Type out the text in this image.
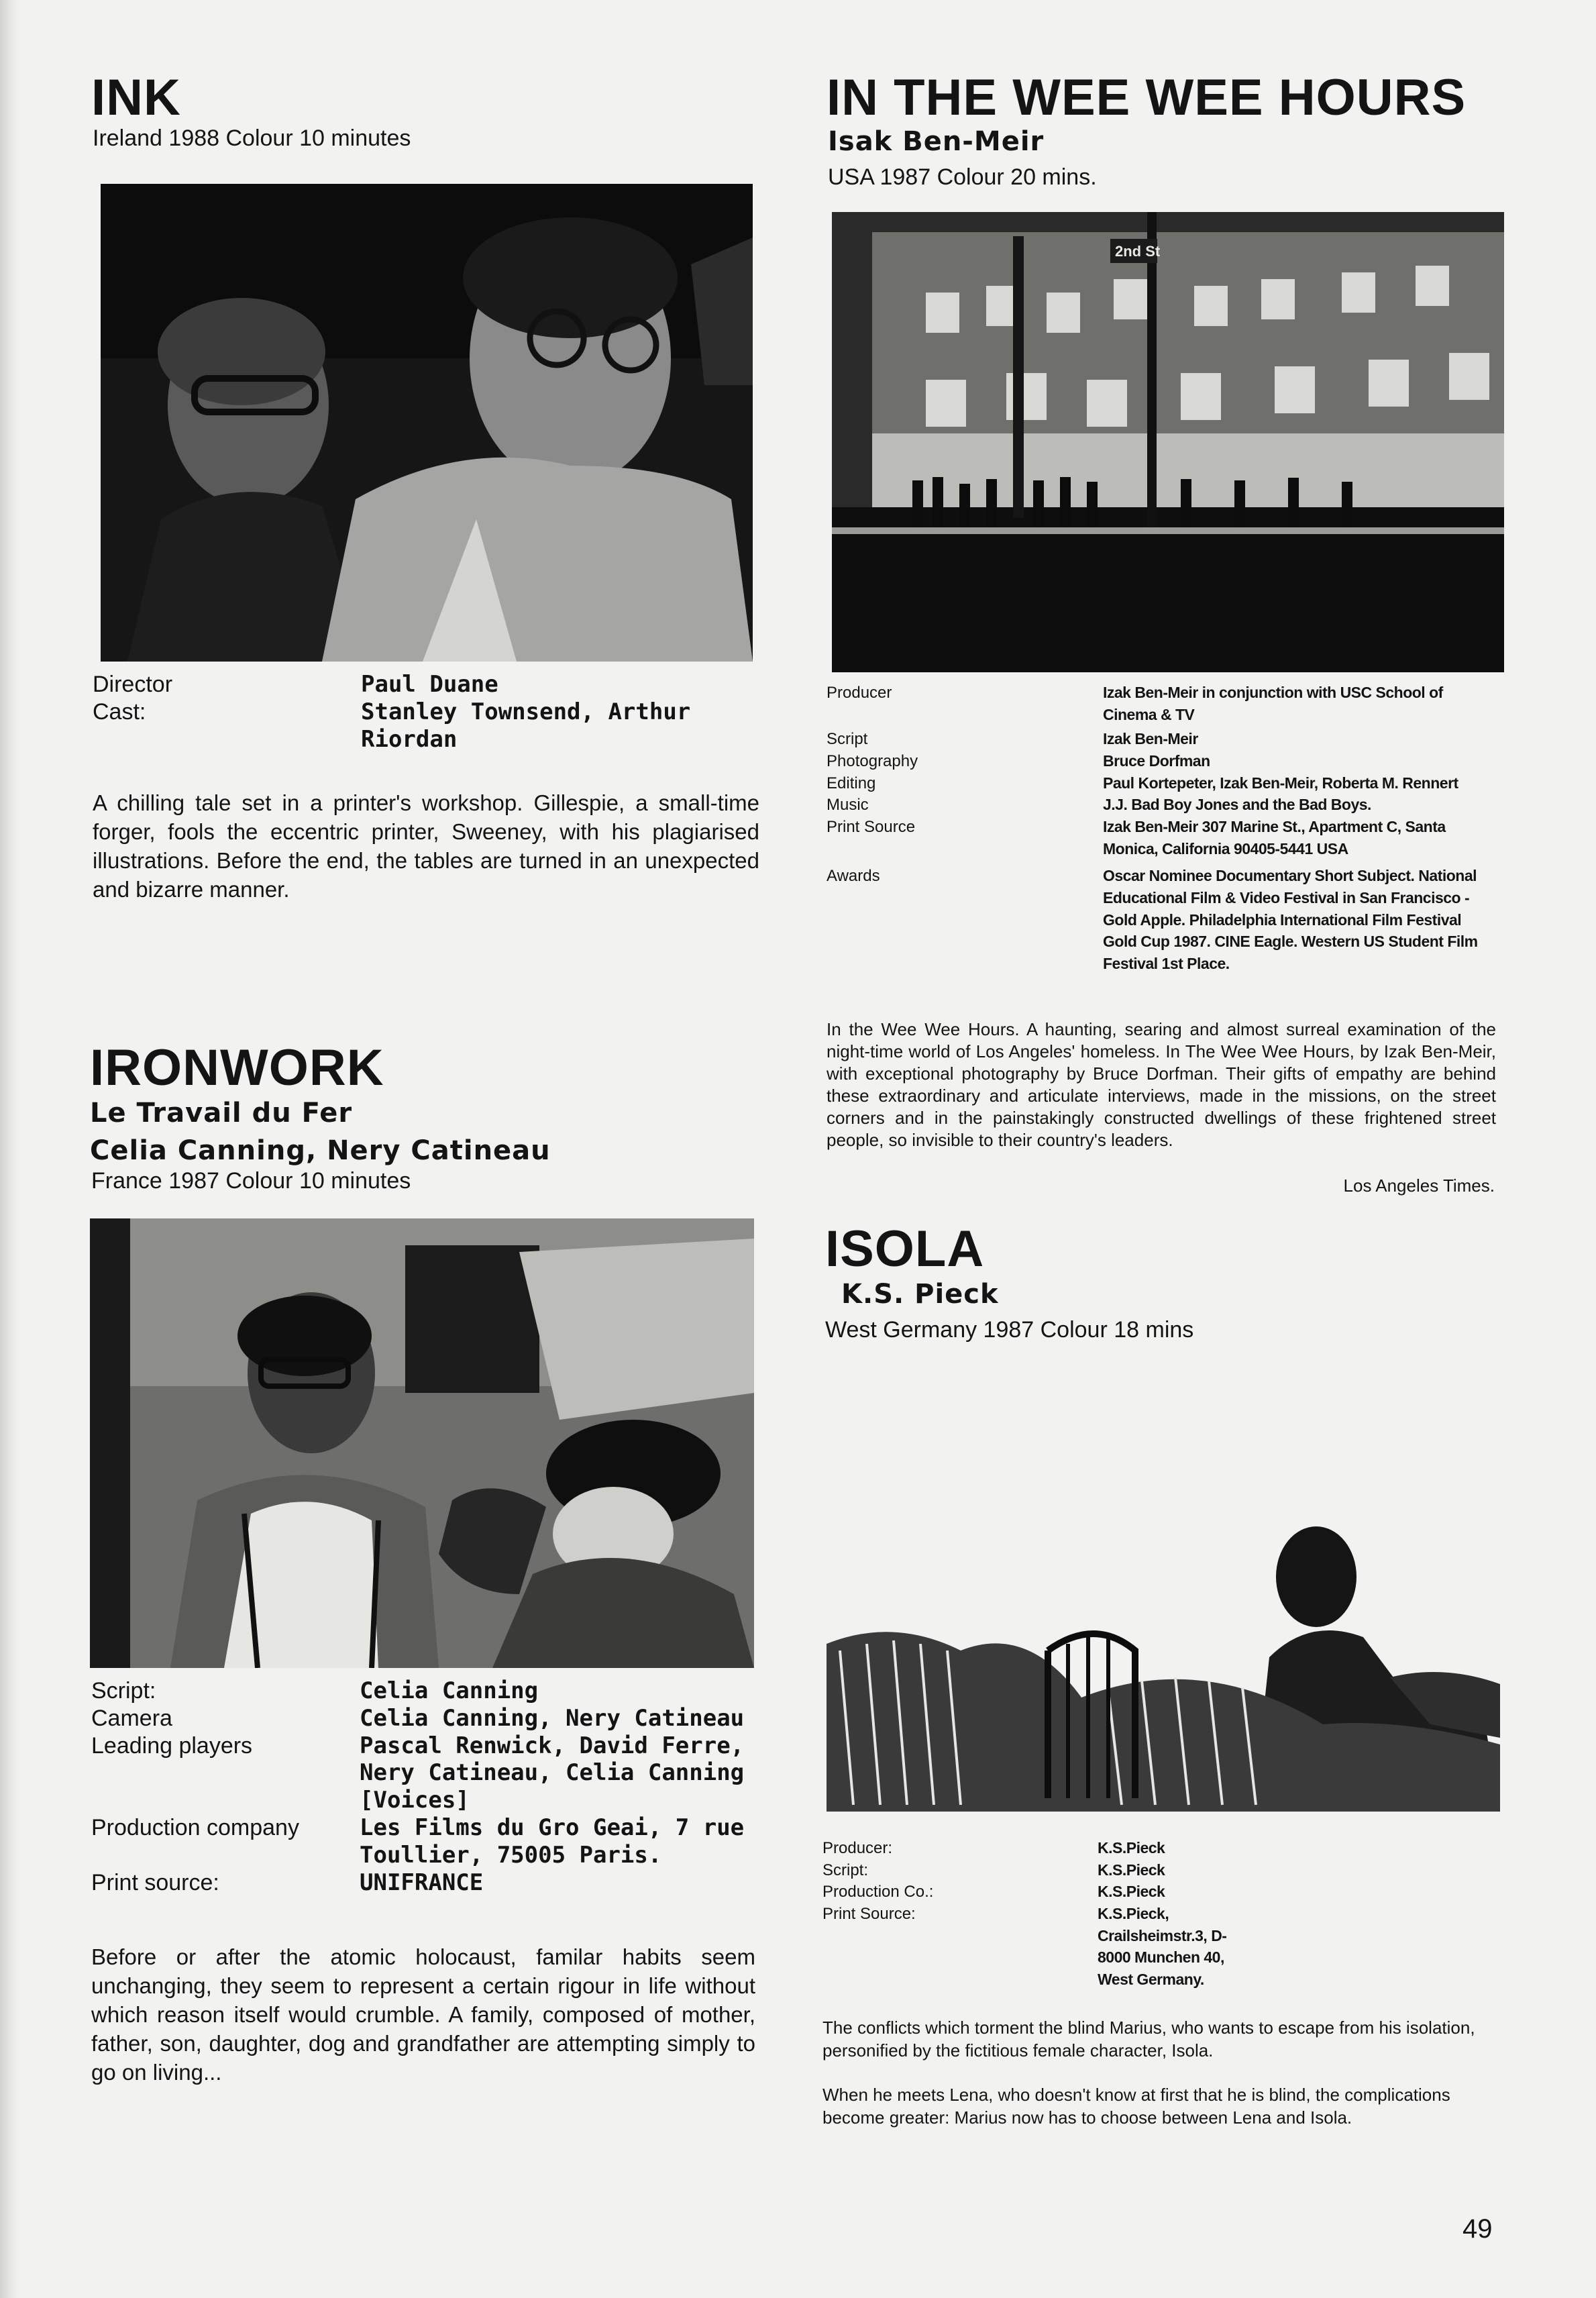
INK
Ireland 1988 Colour 10 minutes
Director	Paul Duane
Cast:	Stanley Townsend, Arthur Riordan

A chilling tale set in a printer's workshop. Gillespie, a small-time forger, fools the eccentric printer, Sweeney, with his plagiarised illustrations. Before the end, the tables are turned in an unexpected and bizarre manner.

IRONWORK
Le Travail du Fer
Celia Canning, Nery Catineau
France 1987 Colour 10 minutes
Script:	Celia Canning
Camera	Celia Canning, Nery Catineau
Leading players	Pascal Renwick, David Ferre, Nery Catineau, Celia Canning [Voices]
Production company	Les Films du Gro Geai, 7 rue Toullier, 75005 Paris.
Print source:	UNIFRANCE

Before or after the atomic holocaust, familar habits seem unchanging, they seem to represent a certain rigour in life without which reason itself would crumble. A family, composed of mother, father, son, daughter, dog and grandfather are attempting simply to go on living...

IN THE WEE WEE HOURS
Isak Ben-Meir
USA 1987 Colour 20 mins.
2nd St
Producer	Izak Ben-Meir in conjunction with USC School of Cinema & TV
Script	Izak Ben-Meir
Photography	Bruce Dorfman
Editing	Paul Kortepeter, Izak Ben-Meir, Roberta M. Rennert
Music	J.J. Bad Boy Jones and the Bad Boys.
Print Source	Izak Ben-Meir 307 Marine St., Apartment C, Santa Monica, California 90405-5441 USA
Awards	Oscar Nominee Documentary Short Subject. National Educational Film & Video Festival in San Francisco - Gold Apple. Philadelphia International Film Festival Gold Cup 1987. CINE Eagle. Western US Student Film Festival 1st Place.

In the Wee Wee Hours. A haunting, searing and almost surreal examination of the night-time world of Los Angeles' homeless. In The Wee Wee Hours, by Izak Ben-Meir, with exceptional photography by Bruce Dorfman. Their gifts of empathy are behind these extraordinary and articulate interviews, made in the missions, on the street corners and in the painstakingly constructed dwellings of these frightened street people, so invisible to their country's leaders.

Los Angeles Times.
ISOLA
K.S. Pieck
West Germany 1987 Colour 18 mins
Producer:	K.S.Pieck
Script:	K.S.Pieck
Production Co.:	K.S.Pieck
Print Source:	K.S.Pieck, Crailsheimstr.3, D-8000 Munchen 40, West Germany.

The conflicts which torment the blind Marius, who wants to escape from his isolation, personified by the fictitious female character, Isola.

When he meets Lena, who doesn't know at first that he is blind, the complications become greater: Marius now has to choose between Lena and Isola.

49
